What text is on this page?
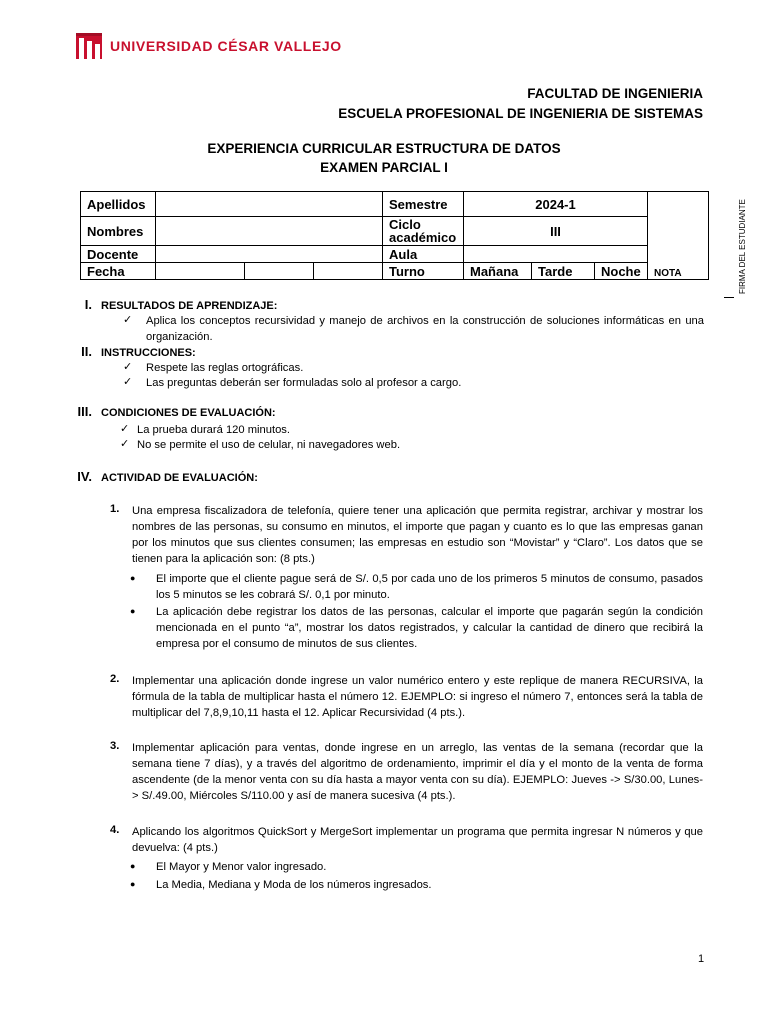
UNIVERSIDAD CÉSAR VALLEJO
FACULTAD DE INGENIERIA
ESCUELA PROFESIONAL DE INGENIERIA DE SISTEMAS
EXPERIENCIA CURRICULAR ESTRUCTURA DE DATOS
EXAMEN PARCIAL I
Apellidos				Semestre	2024-1			NOTA
Nombres				Ciclo académico	III			
Docente				Aula				
Fecha				Turno	Mañana	Tarde	Noche		FIRMA DEL ESTUDIANTE
I. RESULTADOS DE APRENDIZAJE:
✓ Aplica los conceptos recursividad y manejo de archivos en la construcción de soluciones informáticas en una organización.
II. INSTRUCCIONES:
✓ Respete las reglas ortográficas.
✓ Las preguntas deberán ser formuladas solo al profesor a cargo.
III. CONDICIONES DE EVALUACIÓN:
✓ La prueba durará 120 minutos.
✓ No se permite el uso de celular, ni navegadores web.
IV. ACTIVIDAD DE EVALUACIÓN:
1. Una empresa fiscalizadora de telefonía, quiere tener una aplicación que permita registrar, archivar y mostrar los nombres de las personas, su consumo en minutos, el importe que pagan y cuanto es lo que las empresas ganan por los minutos que sus clientes consumen; las empresas en estudio son “Movistar” y “Claro”. Los datos que se tienen para la aplicación son: (8 pts.)
● El importe que el cliente pague será de S/. 0,5 por cada uno de los primeros 5 minutos de consumo, pasados los 5 minutos se les cobrará S/. 0,1 por minuto.
● La aplicación debe registrar los datos de las personas, calcular el importe que pagarán según la condición mencionada en el punto “a”, mostrar los datos registrados, y calcular la cantidad de dinero que recibirá la empresa por el consumo de minutos de sus clientes.
2. Implementar una aplicación donde ingrese un valor numérico entero y este replique de manera RECURSIVA, la fórmula de la tabla de multiplicar hasta el número 12. EJEMPLO: si ingreso el número 7, entonces será la tabla de multiplicar del 7,8,9,10,11 hasta el 12. Aplicar Recursividad (4 pts.).
3. Implementar aplicación para ventas, donde ingrese en un arreglo, las ventas de la semana (recordar que la semana tiene 7 días), y a través del algoritmo de ordenamiento, imprimir el día y el monto de la venta de forma ascendente (de la menor venta con su día hasta a mayor venta con su día). EJEMPLO: Jueves -> S/30.00, Lunes-> S/.49.00, Miércoles S/110.00 y así de manera sucesiva (4 pts.).
4. Aplicando los algoritmos QuickSort y MergeSort implementar un programa que permita ingresar N números y que devuelva: (4 pts.)
● El Mayor y Menor valor ingresado.
● La Media, Mediana y Moda de los números ingresados.
1
